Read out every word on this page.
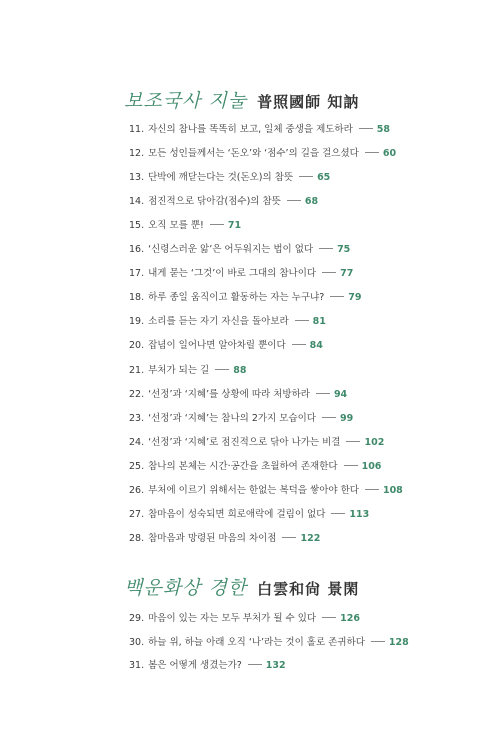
보조국사 지눌 普照國師 知訥
11. 자신의 참나를 똑똑히 보고, 일체 중생을 제도하라	58
12. 모든 성인들께서는 ‘돈오’와 ‘점수’의 길을 걸으셨다	60
13. 단박에 깨닫는다는 것(돈오)의 참뜻	65
14. 점진적으로 닦아감(점수)의 참뜻	68
15. 오직 모를 뿐!	71
16. ‘신령스러운 앎’은 어두워지는 법이 없다	75
17. 내게 묻는 ‘그것’이 바로 그대의 참나이다	77
18. 하루 종일 움직이고 활동하는 자는 누구냐?	79
19. 소리를 듣는 자기 자신을 돌아보라	81
20. 잡념이 일어나면 알아차릴 뿐이다	84
21. 부처가 되는 길	88
22. ‘선정’과 ‘지혜’를 상황에 따라 처방하라	94
23. ‘선정’과 ‘지혜’는 참나의 2가지 모습이다	99
24. ‘선정’과 ‘지혜’로 점진적으로 닦아 나가는 비결	102
25. 참나의 본체는 시간·공간을 초월하여 존재한다	106
26. 부처에 이르기 위해서는 한없는 복덕을 쌓아야 한다	108
27. 참마음이 성숙되면 희로애락에 걸림이 없다	113
28. 참마음과 망령된 마음의 차이점	122
백운화상 경한 白雲和尙 景閑
29. 마음이 있는 자는 모두 부처가 될 수 있다	126
30. 하늘 위, 하늘 아래 오직 ‘나’라는 것이 홀로 존귀하다	128
31. 봄은 어떻게 생겼는가?	132
